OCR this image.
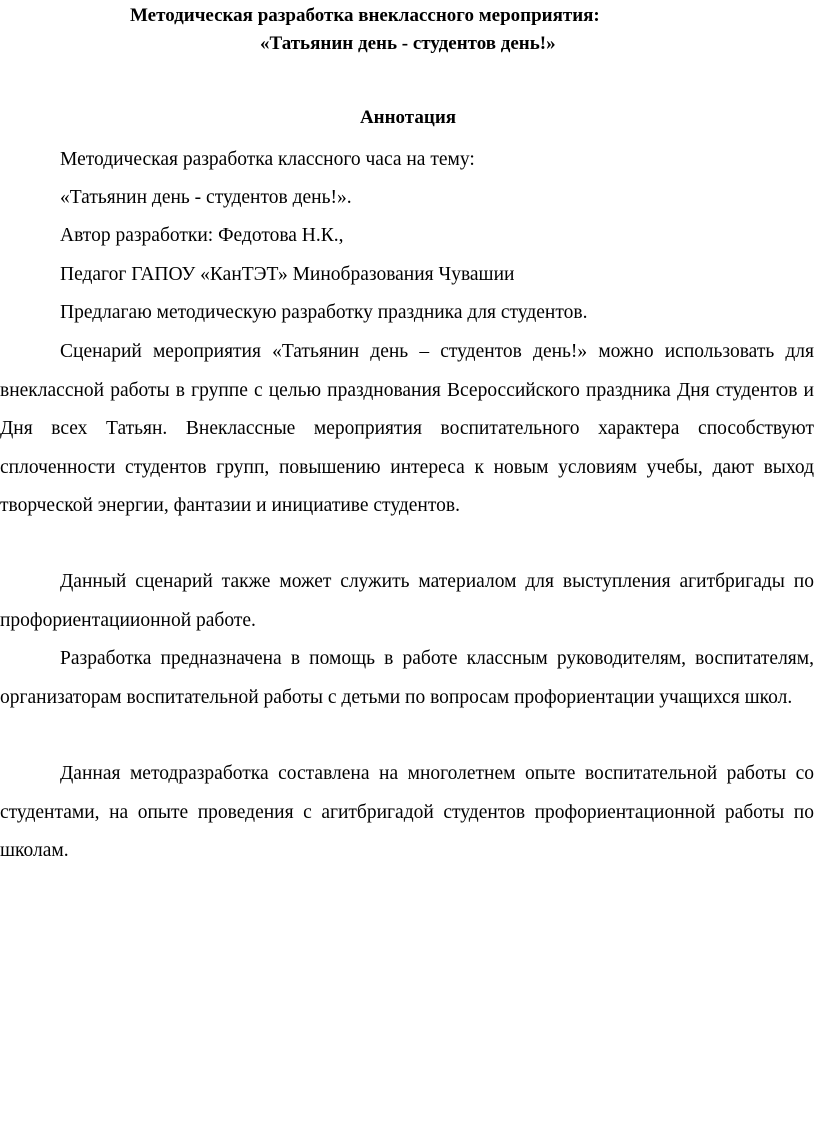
Методическая разработка внеклассного мероприятия:
«Татьянин день - студентов день!»
Аннотация

Методическая разработка классного часа на тему:

«Татьянин день - студентов день!».

Автор разработки: Федотова Н.К.,

Педагог ГАПОУ «КанТЭТ» Минобразования Чувашии

Предлагаю методическую разработку праздника для студентов.

Сценарий мероприятия «Татьянин день – студентов день!» можно использовать для внеклассной работы в группе с целью празднования Всероссийского праздника Дня студентов и Дня всех Татьян. Внеклассные мероприятия воспитательного характера способствуют сплоченности студентов групп, повышению интереса к новым условиям учебы, дают выход творческой энергии, фантазии и инициативе студентов.

Данный сценарий также может служить материалом для выступления агитбригады по профориентациионной работе.

Разработка предназначена в помощь в работе классным руководителям, воспитателям, организаторам воспитательной работы с детьми по вопросам профориентации учащихся школ.

Данная методразработка составлена на многолетнем опыте воспитательной работы со студентами, на опыте проведения с агитбригадой студентов профориентационной работы по школам.
